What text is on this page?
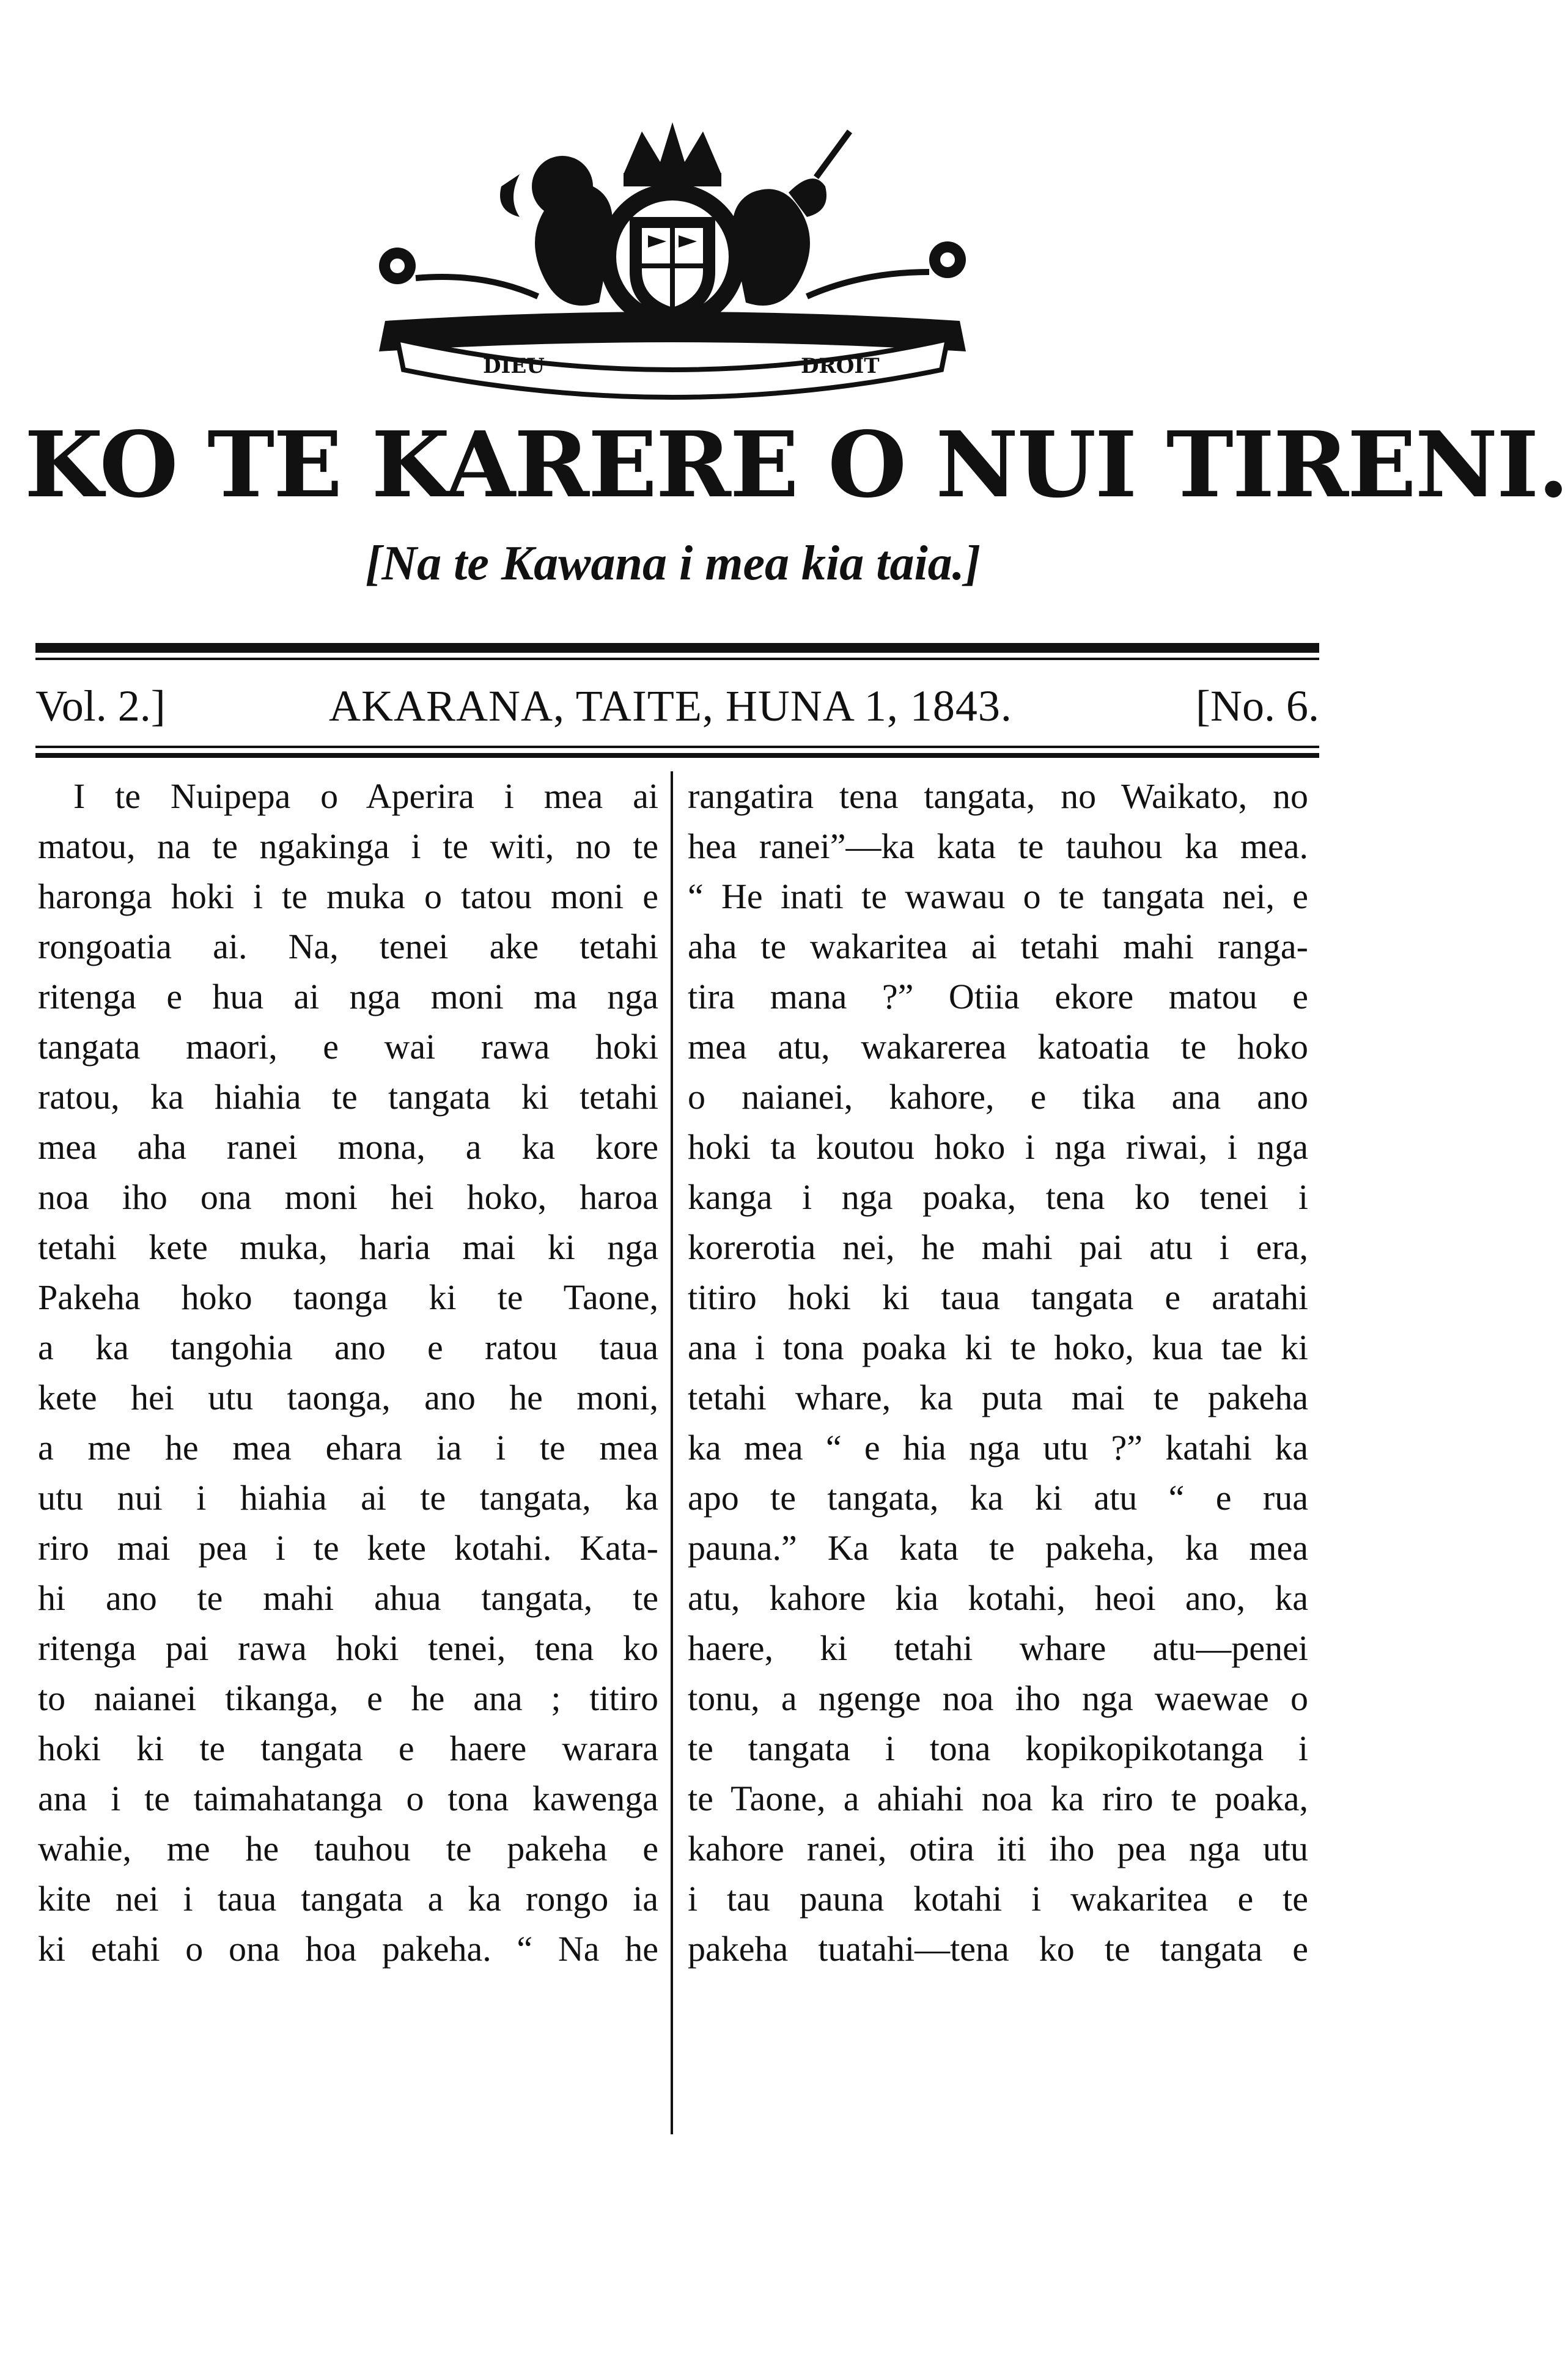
DIEU	DROIT
KO TE KARERE O NUI TIRENI.
[Na te Kawana i mea kia taia.]
Vol. 2.]	AKARANA, TAITE, HUNA 1, 1843.	[No. 6.
I te Nuipepa o Aperira i mea ai
matou, na te ngakinga i te witi, no te
haronga hoki i te muka o tatou moni e
rongoatia ai. Na, tenei ake tetahi
ritenga e hua ai nga moni ma nga
tangata maori, e wai rawa hoki
ratou, ka hiahia te tangata ki tetahi
mea aha ranei mona, a ka kore
noa iho ona moni hei hoko, haroa
tetahi kete muka, haria mai ki nga
Pakeha hoko taonga ki te Taone,
a ka tangohia ano e ratou taua
kete hei utu taonga, ano he moni,
a me he mea ehara ia i te mea
utu nui i hiahia ai te tangata, ka
riro mai pea i te kete kotahi. Kata-
hi ano te mahi ahua tangata, te
ritenga pai rawa hoki tenei, tena ko
to naianei tikanga, e he ana ; titiro
hoki ki te tangata e haere warara
ana i te taimahatanga o tona kawenga
wahie, me he tauhou te pakeha e
kite nei i taua tangata a ka rongo ia
ki etahi o ona hoa pakeha. “ Na he
rangatira tena tangata, no Waikato, no
hea ranei”—ka kata te tauhou ka mea.
“ He inati te wawau o te tangata nei, e
aha te wakaritea ai tetahi mahi ranga-
tira mana ?” Otiia ekore matou e
mea atu, wakarerea katoatia te hoko
o naianei, kahore, e tika ana ano
hoki ta koutou hoko i nga riwai, i nga
kanga i nga poaka, tena ko tenei i
korerotia nei, he mahi pai atu i era,
titiro hoki ki taua tangata e aratahi
ana i tona poaka ki te hoko, kua tae ki
tetahi whare, ka puta mai te pakeha
ka mea “ e hia nga utu ?” katahi ka
apo te tangata, ka ki atu “ e rua
pauna.” Ka kata te pakeha, ka mea
atu, kahore kia kotahi, heoi ano, ka
haere, ki tetahi whare atu—penei
tonu, a ngenge noa iho nga waewae o
te tangata i tona kopikopikotanga i
te Taone, a ahiahi noa ka riro te poaka,
kahore ranei, otira iti iho pea nga utu
i tau pauna kotahi i wakaritea e te
pakeha tuatahi—tena ko te tangata e
